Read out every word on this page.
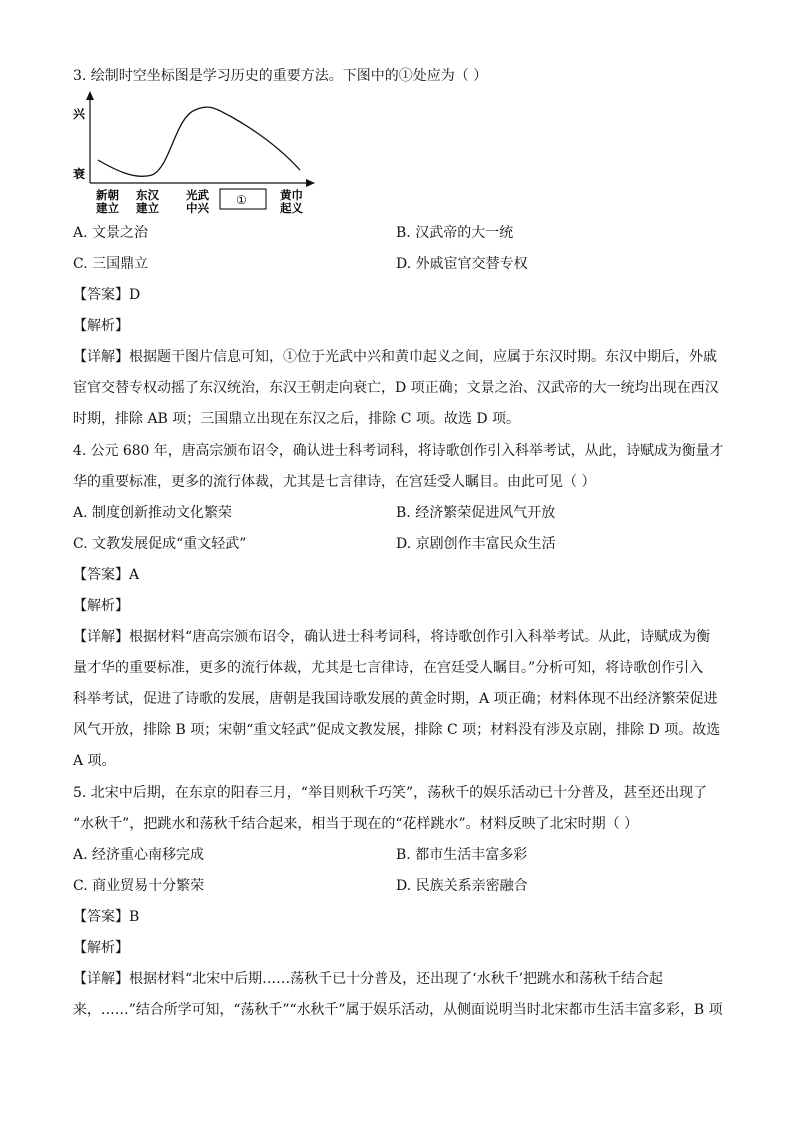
3. 绘制时空坐标图是学习历史的重要方法。下图中的①处应为（ ）
兴
衰
新朝
建立
东汉
建立
光武
中兴
①	黄巾
起义
A. 文景之治	B. 汉武帝的大一统
C. 三国鼎立	D. 外戚宦官交替专权
【答案】D
【解析】
【详解】根据题干图片信息可知，①位于光武中兴和黄巾起义之间，应属于东汉时期。东汉中期后，外戚
宦官交替专权动摇了东汉统治，东汉王朝走向衰亡，D 项正确；文景之治、汉武帝的大一统均出现在西汉
时期，排除 AB 项；三国鼎立出现在东汉之后，排除 C 项。故选 D 项。
4. 公元 680 年，唐高宗颁布诏令，确认进士科考词科，将诗歌创作引入科举考试，从此，诗赋成为衡量才
华的重要标准，更多的流行体裁，尤其是七言律诗，在宫廷受人瞩目。由此可见（ ）
A. 制度创新推动文化繁荣	B. 经济繁荣促进风气开放
C. 文教发展促成“重文轻武”	D. 京剧创作丰富民众生活
【答案】A
【解析】
【详解】根据材料“唐高宗颁布诏令，确认进士科考词科，将诗歌创作引入科举考试。从此，诗赋成为衡
量才华的重要标准，更多的流行体裁，尤其是七言律诗，在宫廷受人瞩目。”分析可知，将诗歌创作引入
科举考试，促进了诗歌的发展，唐朝是我国诗歌发展的黄金时期，A 项正确；材料体现不出经济繁荣促进
风气开放，排除 B 项；宋朝“重文轻武”促成文教发展，排除 C 项；材料没有涉及京剧，排除 D 项。故选
A 项。
5. 北宋中后期，在东京的阳春三月，“举目则秋千巧笑”，荡秋千的娱乐活动已十分普及，甚至还出现了
“水秋千”，把跳水和荡秋千结合起来，相当于现在的“花样跳水”。材料反映了北宋时期（ ）
A. 经济重心南移完成	B. 都市生活丰富多彩
C. 商业贸易十分繁荣	D. 民族关系亲密融合
【答案】B
【解析】
【详解】根据材料“北宋中后期……荡秋千已十分普及，还出现了‘水秋千’把跳水和荡秋千结合起
来，……”结合所学可知，“荡秋千”“水秋千”属于娱乐活动，从侧面说明当时北宋都市生活丰富多彩，B 项
